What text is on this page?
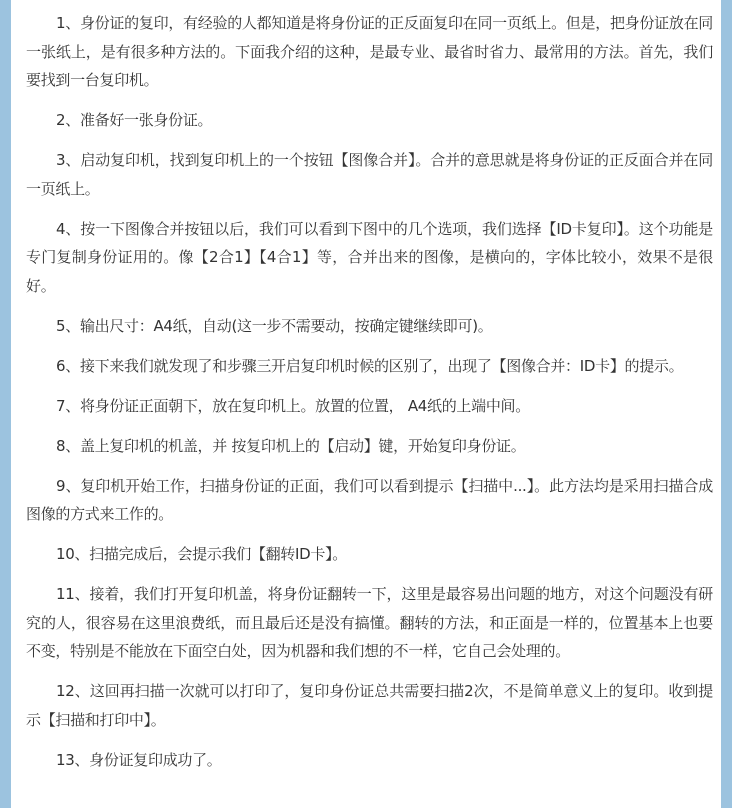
1、身份证的复印，有经验的人都知道是将身份证的正反面复印在同一页纸上。但是，把身份证放在同一张纸上，是有很多种方法的。下面我介绍的这种，是最专业、最省时省力、最常用的方法。首先，我们要找到一台复印机。

2、准备好一张身份证。

3、启动复印机，找到复印机上的一个按钮【图像合并】。合并的意思就是将身份证的正反面合并在同一页纸上。

4、按一下图像合并按钮以后，我们可以看到下图中的几个选项，我们选择【ID卡复印】。这个功能是专门复制身份证用的。像【2合1】【4合1】等，合并出来的图像，是横向的，字体比较小，效果不是很好。

5、输出尺寸：A4纸，自动(这一步不需要动，按确定键继续即可)。

6、接下来我们就发现了和步骤三开启复印机时候的区别了，出现了【图像合并：ID卡】的提示。

7、将身份证正面朝下，放在复印机上。放置的位置， A4纸的上端中间。

8、盖上复印机的机盖，并 按复印机上的【启动】键，开始复印身份证。

9、复印机开始工作，扫描身份证的正面，我们可以看到提示【扫描中...】。此方法均是采用扫描合成图像的方式来工作的。

10、扫描完成后，会提示我们【翻转ID卡】。

11、接着，我们打开复印机盖，将身份证翻转一下，这里是最容易出问题的地方，对这个问题没有研究的人，很容易在这里浪费纸，而且最后还是没有搞懂。翻转的方法，和正面是一样的，位置基本上也要不变，特别是不能放在下面空白处，因为机器和我们想的不一样，它自己会处理的。

12、这回再扫描一次就可以打印了，复印身份证总共需要扫描2次，不是简单意义上的复印。收到提示【扫描和打印中】。

13、身份证复印成功了。
